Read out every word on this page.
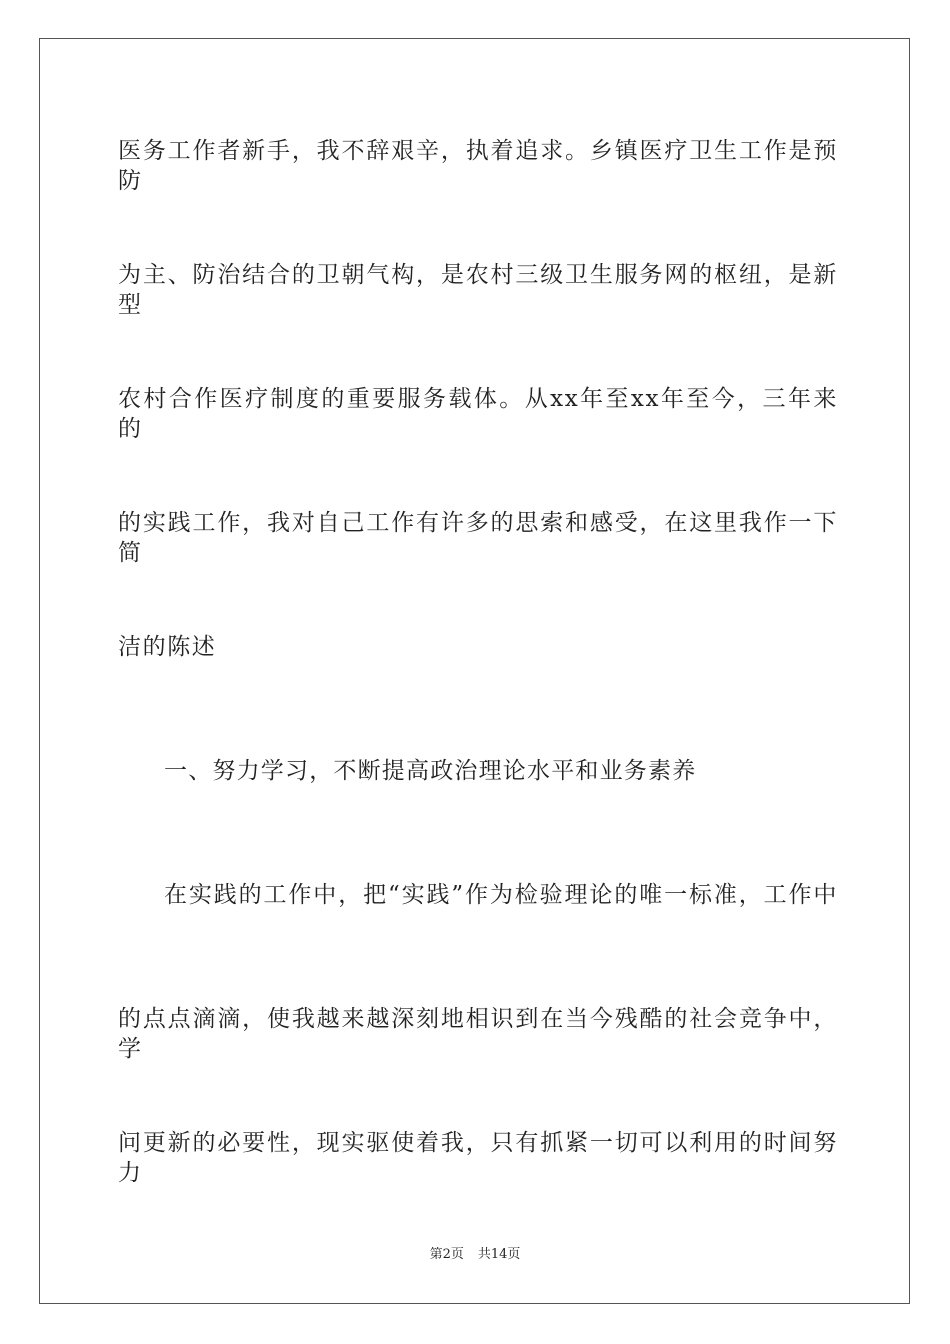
医务工作者新手，我不辞艰辛，执着追求。乡镇医疗卫生工作是预防
为主、防治结合的卫朝气构，是农村三级卫生服务网的枢纽，是新型
农村合作医疗制度的重要服务载体。从xx年至xx年至今，三年来的
的实践工作，我对自己工作有许多的思索和感受，在这里我作一下简
洁的陈述
一、努力学习，不断提高政治理论水平和业务素养
在实践的工作中，把“实践”作为检验理论的唯一标准，工作中
的点点滴滴，使我越来越深刻地相识到在当今残酷的社会竞争中，学
问更新的必要性，现实驱使着我，只有抓紧一切可以利用的时间努力
第2页 共14页
